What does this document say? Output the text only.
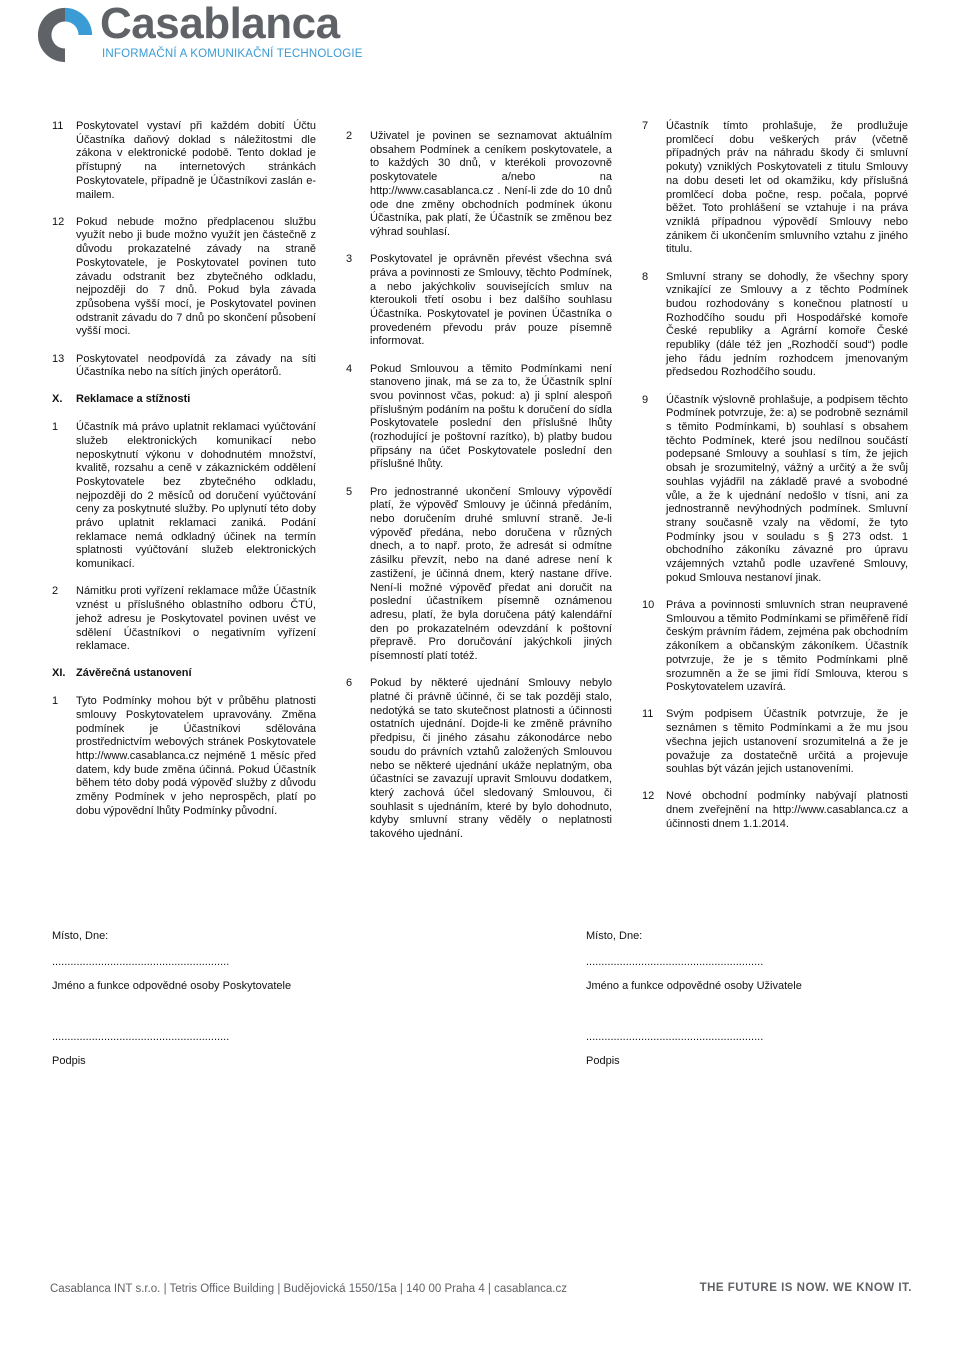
Casablanca
INFORMAČNÍ A KOMUNIKAČNÍ TECHNOLOGIE
11 Poskytovatel vystaví při každém dobití Účtu Účastníka daňový doklad s náležitostmi dle zákona v elektronické podobě. Tento doklad je přístupný na internetových stránkách Poskytovatele, případně je Účastníkovi zaslán e-mailem.
12 Pokud nebude možno předplacenou službu využít nebo ji bude možno využít jen částečně z důvodu prokazatelné závady na straně Poskytovatele, je Poskytovatel povinen tuto závadu odstranit bez zbytečného odkladu, nejpozději do 7 dnů. Pokud byla závada způsobena vyšší mocí, je Poskytovatel povinen odstranit závadu do 7 dnů po skončení působení vyšší moci.
13 Poskytovatel neodpovídá za závady na síti Účastníka nebo na sítích jiných operátorů.
X. Reklamace a stížnosti
1 Účastník má právo uplatnit reklamaci vyúčtování služeb elektronických komunikací nebo neposkytnutí výkonu v dohodnutém množství, kvalitě, rozsahu a ceně v zákaznickém oddělení Poskytovatele bez zbytečného odkladu, nejpozději do 2 měsíců od doručení vyúčtování ceny za poskytnuté služby. Po uplynutí této doby právo uplatnit reklamaci zaniká. Podání reklamace nemá odkladný účinek na termín splatnosti vyúčtování služeb elektronických komunikací.
2 Námitku proti vyřízení reklamace může Účastník vznést u příslušného oblastního odboru ČTÚ, jehož adresu je Poskytovatel povinen uvést ve sdělení Účastníkovi o negativním vyřízení reklamace.
XI. Závěrečná ustanovení
1 Tyto Podmínky mohou být v průběhu platnosti smlouvy Poskytovatelem upravovány. Změna podmínek je Účastníkovi sdělována prostřednictvím webových stránek Poskytovatele http://www.casablanca.cz nejméně 1 měsíc před datem, kdy bude změna účinná. Pokud Účastník během této doby podá výpověď služby z důvodu změny Podmínek v jeho neprospěch, platí po dobu výpovědní lhůty Podmínky původní.
2 Uživatel je povinen se seznamovat aktuálním obsahem Podmínek a ceníkem poskytovatele, a to každých 30 dnů, v kterékoli provozovně poskytovatele a/nebo na http://www.casablanca.cz . Není-li zde do 10 dnů ode dne změny obchodních podmínek úkonu Účastníka, pak platí, že Účastník se změnou bez výhrad souhlasí.
3 Poskytovatel je oprávněn převést všechna svá práva a povinnosti ze Smlouvy, těchto Podmínek, a nebo jakýchkoliv souvisejících smluv na kteroukoli třetí osobu i bez dalšího souhlasu Účastníka. Poskytovatel je povinen Účastníka o provedeném převodu práv pouze písemně informovat.
4 Pokud Smlouvou a těmito Podmínkami není stanoveno jinak, má se za to, že Účastník splní svou povinnost včas, pokud: a) ji splní alespoň příslušným podáním na poštu k doručení do sídla Poskytovatele poslední den příslušné lhůty (rozhodující je poštovní razítko), b) platby budou připsány na účet Poskytovatele poslední den příslušné lhůty.
5 Pro jednostranné ukončení Smlouvy výpovědí platí, že výpověď Smlouvy je účinná předáním, nebo doručením druhé smluvní straně. Je-li výpověď předána, nebo doručena v různých dnech, a to např. proto, že adresát si odmítne zásilku převzít, nebo na dané adrese není k zastižení, je účinná dnem, který nastane dříve. Není-li možné výpověď předat ani doručit na poslední účastníkem písemně oznámenou adresu, platí, že byla doručena pátý kalendářní den po prokazatelném odevzdání k poštovní přepravě. Pro doručování jakýchkoli jiných písemností platí totéž.
6 Pokud by některé ujednání Smlouvy nebylo platné či právně účinné, či se tak později stalo, nedotýká se tato skutečnost platnosti a účinnosti ostatních ujednání. Dojde-li ke změně právního předpisu, či jiného zásahu zákonodárce nebo soudu do právních vztahů založených Smlouvou nebo se některé ujednání ukáže neplatným, oba účastníci se zavazují upravit Smlouvu dodatkem, který zachová účel sledovaný Smlouvou, či souhlasit s ujednáním, které by bylo dohodnuto, kdyby smluvní strany věděly o neplatnosti takového ujednání.
7 Účastník tímto prohlašuje, že prodlužuje promlčecí dobu veškerých práv (včetně případných práv na náhradu škody či smluvní pokuty) vzniklých Poskytovateli z titulu Smlouvy na dobu deseti let od okamžiku, kdy příslušná promlčecí doba počne, resp. počala, poprvé běžet. Toto prohlášení se vztahuje i na práva vzniklá případnou výpovědí Smlouvy nebo zánikem či ukončením smluvního vztahu z jiného titulu.
8 Smluvní strany se dohodly, že všechny spory vznikající ze Smlouvy a z těchto Podmínek budou rozhodovány s konečnou platností u Rozhodčího soudu při Hospodářské komoře České republiky a Agrární komoře České republiky (dále též jen „Rozhodčí soud“) podle jeho řádu jedním rozhodcem jmenovaným předsedou Rozhodčího soudu.
9 Účastník výslovně prohlašuje, a podpisem těchto Podmínek potvrzuje, že: a) se podrobně seznámil s těmito Podmínkami, b) souhlasí s obsahem těchto Podmínek, které jsou nedílnou součástí podepsané Smlouvy a souhlasí s tím, že jejich obsah je srozumitelný, vážný a určitý a že svůj souhlas vyjádřil na základě pravé a svobodné vůle, a že k ujednání nedošlo v tísni, ani za jednostranně nevýhodných podmínek. Smluvní strany současně vzaly na vědomí, že tyto Podmínky jsou v souladu s § 273 odst. 1 obchodního zákoníku závazné pro úpravu vzájemných vztahů podle uzavřené Smlouvy, pokud Smlouva nestanoví jinak.
10 Práva a povinnosti smluvních stran neupravené Smlouvou a těmito Podmínkami se přiměřeně řídí českým právním řádem, zejména pak obchodním zákoníkem a občanským zákoníkem. Účastník potvrzuje, že je s těmito Podmínkami plně srozumněn a že se jimi řídí Smlouva, kterou s Poskytovatelem uzavírá.
11 Svým podpisem Účastník potvrzuje, že je seznámen s těmito Podmínkami a že mu jsou všechna jejich ustanovení srozumitelná a že je považuje za dostatečně určitá a projevuje souhlas být vázán jejich ustanoveními.
12 Nové obchodní podmínky nabývají platnosti dnem zveřejnění na http://www.casablanca.cz a účinnosti dnem 1.1.2014.
Místo, Dne:
..........................................................
Jméno a funkce odpovědné osoby Poskytovatele
..........................................................
Podpis
Místo, Dne:
..........................................................
Jméno a funkce odpovědné osoby Uživatele
..........................................................
Podpis
Casablanca INT s.r.o. | Tetris Office Building | Budějovická 1550/15a | 140 00 Praha 4 | casablanca.cz	THE FUTURE IS NOW. WE KNOW IT.
